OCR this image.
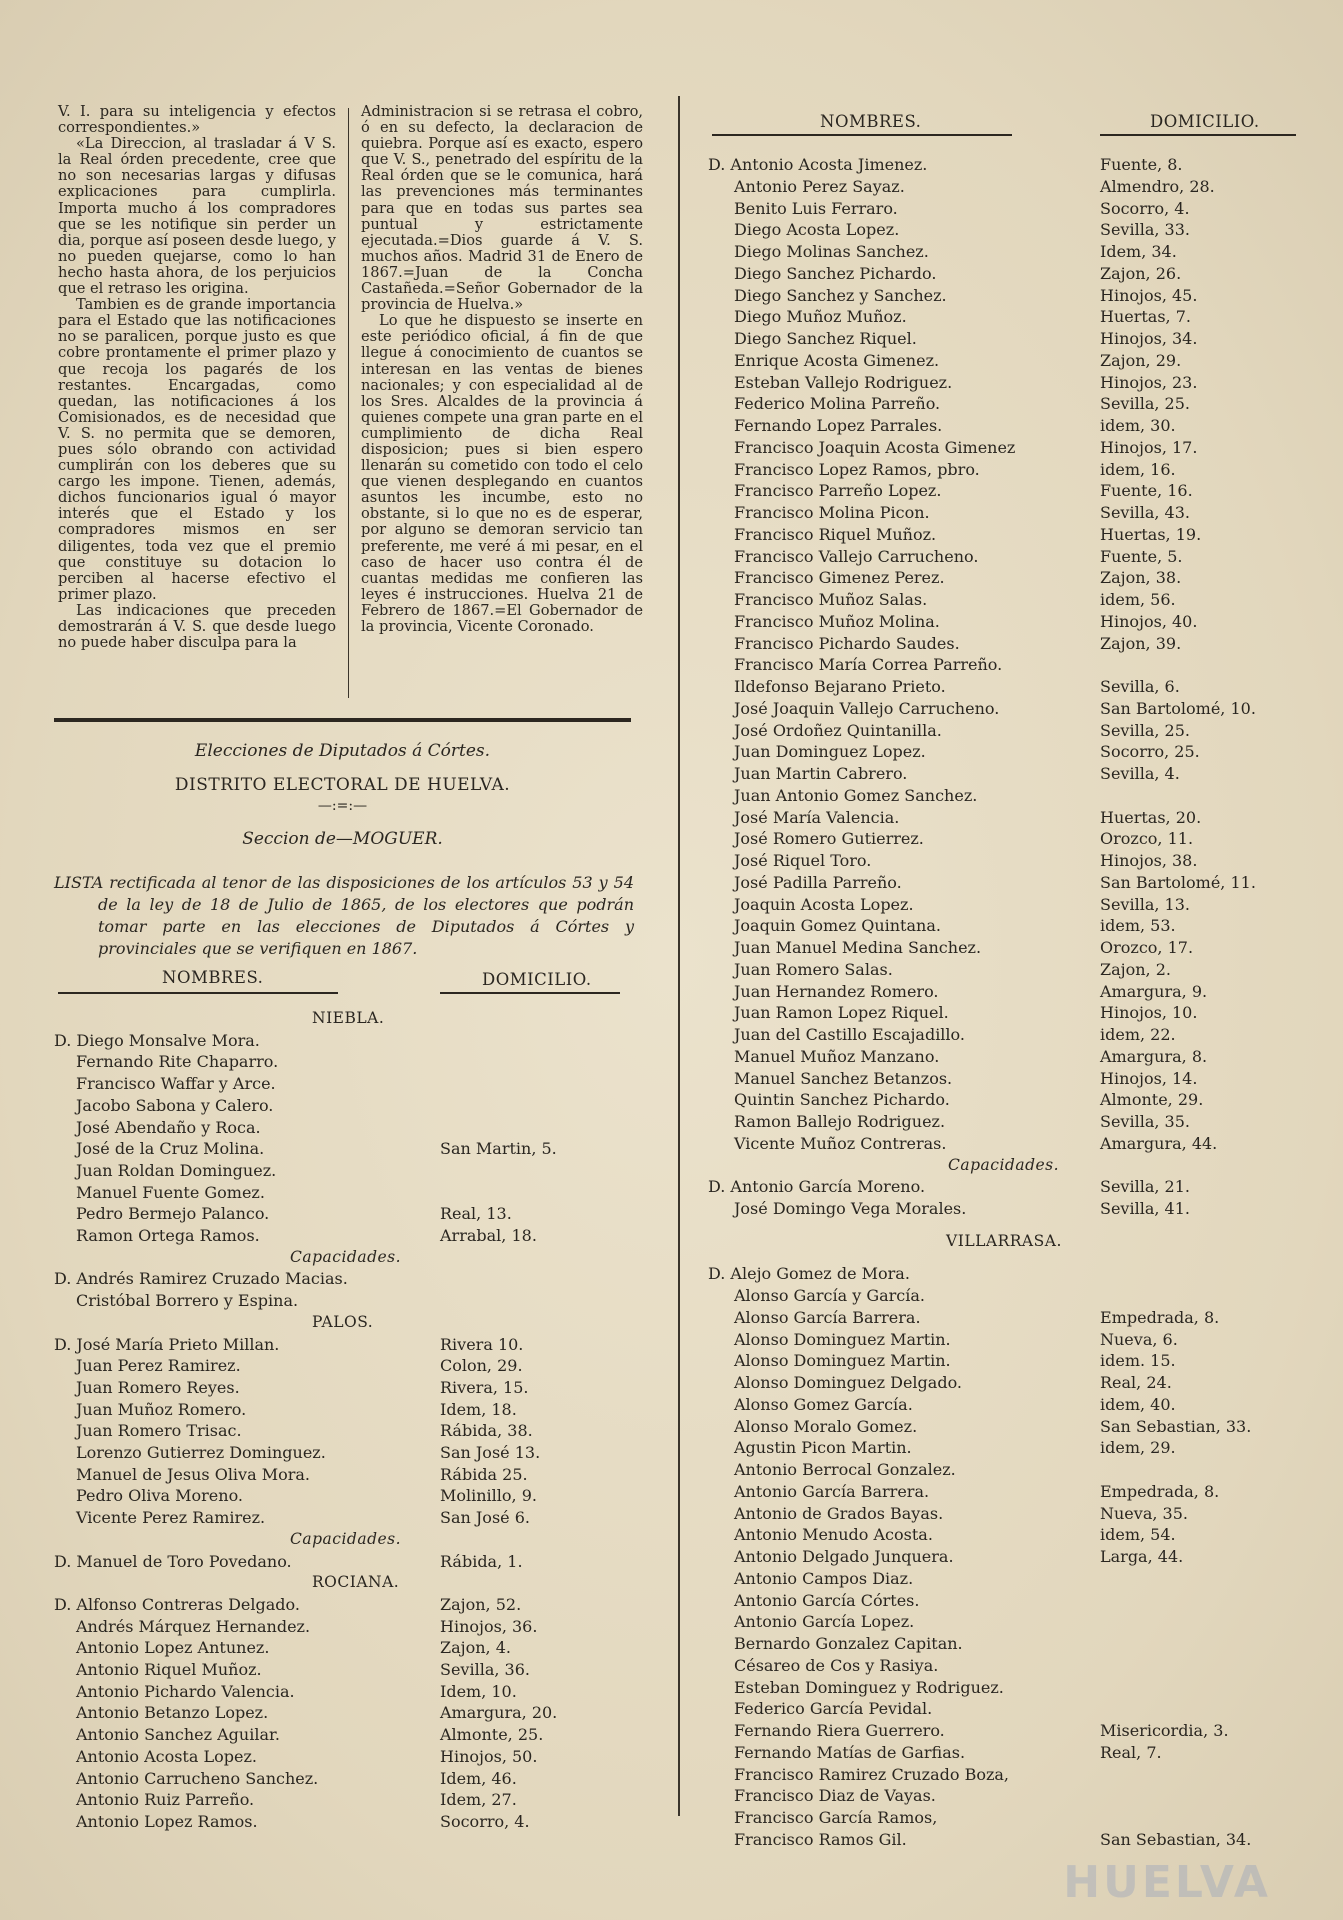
V. I. para su inteligencia y efectos correspondientes.»

«La Direccion, al trasladar á V S. la Real órden precedente, cree que no son necesarias largas y difusas explicaciones para cumplirla. Importa mucho á los compradores que se les notifique sin perder un dia, porque así poseen desde luego, y no pueden quejarse, como lo han hecho hasta ahora, de los perjuicios que el retraso les origina.

Tambien es de grande importancia para el Estado que las notificaciones no se paralicen, porque justo es que cobre prontamente el primer plazo y que recoja los pagarés de los restantes. Encargadas, como quedan, las notificaciones á los Comisionados, es de necesidad que V. S. no permita que se demoren, pues sólo obrando con actividad cumplirán con los deberes que su cargo les impone. Tienen, además, dichos funcionarios igual ó mayor interés que el Estado y los compradores mismos en ser diligentes, toda vez que el premio que constituye su dotacion lo perciben al hacerse efectivo el primer plazo.

Las indicaciones que preceden demostrarán á V. S. que desde luego no puede haber disculpa para la

Administracion si se retrasa el cobro, ó en su defecto, la declaracion de quiebra. Porque así es exacto, espero que V. S., penetrado del espíritu de la Real órden que se le comunica, hará las prevenciones más terminantes para que en todas sus partes sea puntual y estrictamente ejecutada.=Dios guarde á V. S. muchos años. Madrid 31 de Enero de 1867.=Juan de la Concha Castañeda.=Señor Gobernador de la provincia de Huelva.»

Lo que he dispuesto se inserte en este periódico oficial, á fin de que llegue á conocimiento de cuantos se interesan en las ventas de bienes nacionales; y con especialidad al de los Sres. Alcaldes de la provincia á quienes compete una gran parte en el cumplimiento de dicha Real disposicion; pues si bien espero llenarán su cometido con todo el celo que vienen desplegando en cuantos asuntos les incumbe, esto no obstante, si lo que no es de esperar, por alguno se demoran servicio tan preferente, me veré á mi pesar, en el caso de hacer uso contra él de cuantas medidas me confieren las leyes é instrucciones. Huelva 21 de Febrero de 1867.=El Gobernador de la provincia, Vicente Coronado.

Elecciones de Diputados á Córtes.
DISTRITO ELECTORAL DE HUELVA.
—:=:—
Seccion de—MOGUER.
LISTA rectificada al tenor de las disposiciones de los artículos 53 y 54 de la ley de 18 de Julio de 1865, de los electores que podrán tomar parte en las elecciones de Diputados á Córtes y provinciales que se verifiquen en 1867.
NOMBRES.	DOMICILIO.
NIEBLA.
D. Diego Monsalve Mora.
Fernando Rite Chaparro.
Francisco Waffar y Arce.
Jacobo Sabona y Calero.
José Abendaño y Roca.
José de la Cruz Molina.	San Martin, 5.
Juan Roldan Dominguez.
Manuel Fuente Gomez.
Pedro Bermejo Palanco.	Real, 13.
Ramon Ortega Ramos.	Arrabal, 18.
Capacidades.
D. Andrés Ramirez Cruzado Macias.
Cristóbal Borrero y Espina.
PALOS.
D. José María Prieto Millan.	Rivera 10.
Juan Perez Ramirez.	Colon, 29.
Juan Romero Reyes.	Rivera, 15.
Juan Muñoz Romero.	Idem, 18.
Juan Romero Trisac.	Rábida, 38.
Lorenzo Gutierrez Dominguez.	San José 13.
Manuel de Jesus Oliva Mora.	Rábida 25.
Pedro Oliva Moreno.	Molinillo, 9.
Vicente Perez Ramirez.	San José 6.
Capacidades.
D. Manuel de Toro Povedano.	Rábida, 1.
ROCIANA.
D. Alfonso Contreras Delgado.	Zajon, 52.
Andrés Márquez Hernandez.	Hinojos, 36.
Antonio Lopez Antunez.	Zajon, 4.
Antonio Riquel Muñoz.	Sevilla, 36.
Antonio Pichardo Valencia.	Idem, 10.
Antonio Betanzo Lopez.	Amargura, 20.
Antonio Sanchez Aguilar.	Almonte, 25.
Antonio Acosta Lopez.	Hinojos, 50.
Antonio Carrucheno Sanchez.	Idem, 46.
Antonio Ruiz Parreño.	Idem, 27.
Antonio Lopez Ramos.	Socorro, 4.
NOMBRES.	DOMICILIO.
D. Antonio Acosta Jimenez.	Fuente, 8.
Antonio Perez Sayaz.	Almendro, 28.
Benito Luis Ferraro.	Socorro, 4.
Diego Acosta Lopez.	Sevilla, 33.
Diego Molinas Sanchez.	Idem, 34.
Diego Sanchez Pichardo.	Zajon, 26.
Diego Sanchez y Sanchez.	Hinojos, 45.
Diego Muñoz Muñoz.	Huertas, 7.
Diego Sanchez Riquel.	Hinojos, 34.
Enrique Acosta Gimenez.	Zajon, 29.
Esteban Vallejo Rodriguez.	Hinojos, 23.
Federico Molina Parreño.	Sevilla, 25.
Fernando Lopez Parrales.	idem, 30.
Francisco Joaquin Acosta Gimenez	Hinojos, 17.
Francisco Lopez Ramos, pbro.	idem, 16.
Francisco Parreño Lopez.	Fuente, 16.
Francisco Molina Picon.	Sevilla, 43.
Francisco Riquel Muñoz.	Huertas, 19.
Francisco Vallejo Carrucheno.	Fuente, 5.
Francisco Gimenez Perez.	Zajon, 38.
Francisco Muñoz Salas.	idem, 56.
Francisco Muñoz Molina.	Hinojos, 40.
Francisco Pichardo Saudes.	Zajon, 39.
Francisco María Correa Parreño.
Ildefonso Bejarano Prieto.	Sevilla, 6.
José Joaquin Vallejo Carrucheno.	San Bartolomé, 10.
José Ordoñez Quintanilla.	Sevilla, 25.
Juan Dominguez Lopez.	Socorro, 25.
Juan Martin Cabrero.	Sevilla, 4.
Juan Antonio Gomez Sanchez.
José María Valencia.	Huertas, 20.
José Romero Gutierrez.	Orozco, 11.
José Riquel Toro.	Hinojos, 38.
José Padilla Parreño.	San Bartolomé, 11.
Joaquin Acosta Lopez.	Sevilla, 13.
Joaquin Gomez Quintana.	idem, 53.
Juan Manuel Medina Sanchez.	Orozco, 17.
Juan Romero Salas.	Zajon, 2.
Juan Hernandez Romero.	Amargura, 9.
Juan Ramon Lopez Riquel.	Hinojos, 10.
Juan del Castillo Escajadillo.	idem, 22.
Manuel Muñoz Manzano.	Amargura, 8.
Manuel Sanchez Betanzos.	Hinojos, 14.
Quintin Sanchez Pichardo.	Almonte, 29.
Ramon Ballejo Rodriguez.	Sevilla, 35.
Vicente Muñoz Contreras.	Amargura, 44.
Capacidades.
D. Antonio García Moreno.	Sevilla, 21.
José Domingo Vega Morales.	Sevilla, 41.
VILLARRASA.
D. Alejo Gomez de Mora.
Alonso García y García.
Alonso García Barrera.	Empedrada, 8.
Alonso Dominguez Martin.	Nueva, 6.
Alonso Dominguez Martin.	idem. 15.
Alonso Dominguez Delgado.	Real, 24.
Alonso Gomez García.	idem, 40.
Alonso Moralo Gomez.	San Sebastian, 33.
Agustin Picon Martin.	idem, 29.
Antonio Berrocal Gonzalez.
Antonio García Barrera.	Empedrada, 8.
Antonio de Grados Bayas.	Nueva, 35.
Antonio Menudo Acosta.	idem, 54.
Antonio Delgado Junquera.	Larga, 44.
Antonio Campos Diaz.
Antonio García Córtes.
Antonio García Lopez.
Bernardo Gonzalez Capitan.
Césareo de Cos y Rasiya.
Esteban Dominguez y Rodriguez.
Federico García Pevidal.
Fernando Riera Guerrero.	Misericordia, 3.
Fernando Matías de Garfias.	Real, 7.
Francisco Ramirez Cruzado Boza,
Francisco Diaz de Vayas.
Francisco García Ramos,
Francisco Ramos Gil.	San Sebastian, 34.
HUELVA
